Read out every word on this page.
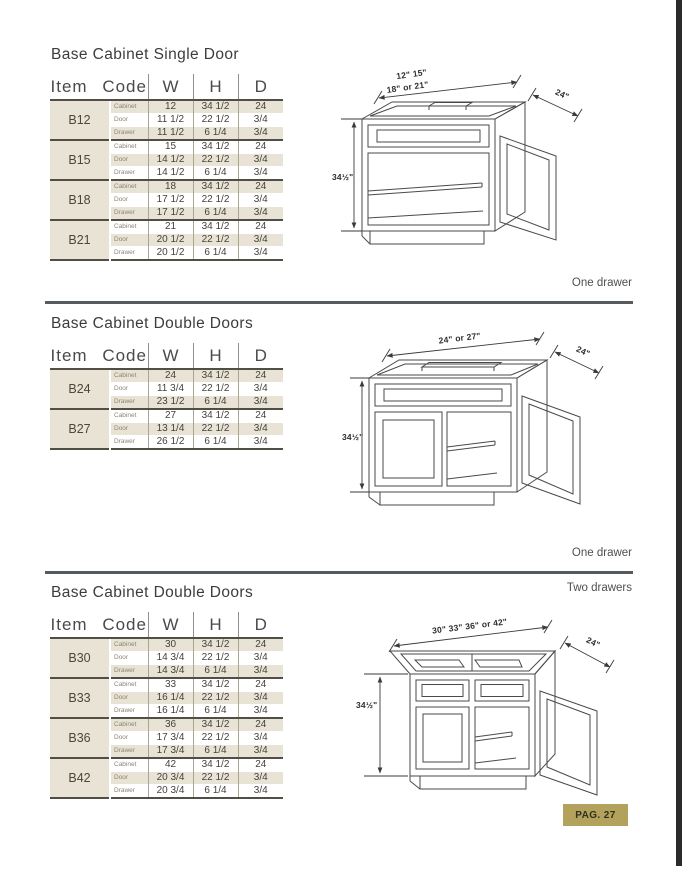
Base Cabinet Single Door
Item Code		W	H	D
B12	Cabinet	12	34 1/2	24
	Door	11 1/2	22 1/2	3/4
	Drawer	11 1/2	6 1/4	3/4
B15	Cabinet	15	34 1/2	24
	Door	14 1/2	22 1/2	3/4
	Drawer	14 1/2	6 1/4	3/4
B18	Cabinet	18	34 1/2	24
	Door	17 1/2	22 1/2	3/4
	Drawer	17 1/2	6 1/4	3/4
B21	Cabinet	21	34 1/2	24
	Door	20 1/2	22 1/2	3/4
	Drawer	20 1/2	6 1/4	3/4
12" 15"
18" or 21"	24"
34½"
One drawer
Base Cabinet Double Doors
Item Code		W	H	D
B24	Cabinet	24	34 1/2	24
	Door	11 3/4	22 1/2	3/4
	Drawer	23 1/2	6 1/4	3/4
B27	Cabinet	27	34 1/2	24
	Door	13 1/4	22 1/2	3/4
	Drawer	26 1/2	6 1/4	3/4
24" or 27"
24"
34½"
One drawer
Base Cabinet Double Doors	Two drawers
Item Code		W	H	D
B30	Cabinet	30	34 1/2	24
	Door	14 3/4	22 1/2	3/4
	Drawer	14 3/4	6 1/4	3/4
B33	Cabinet	33	34 1/2	24
	Door	16 1/4	22 1/2	3/4
	Drawer	16 1/4	6 1/4	3/4
B36	Cabinet	36	34 1/2	24
	Door	17 3/4	22 1/2	3/4
	Drawer	17 3/4	6 1/4	3/4
B42	Cabinet	42	34 1/2	24
	Door	20 3/4	22 1/2	3/4
	Drawer	20 3/4	6 1/4	3/4
30" 33" 36" or 42"
24"
34½"
PAG. 27
